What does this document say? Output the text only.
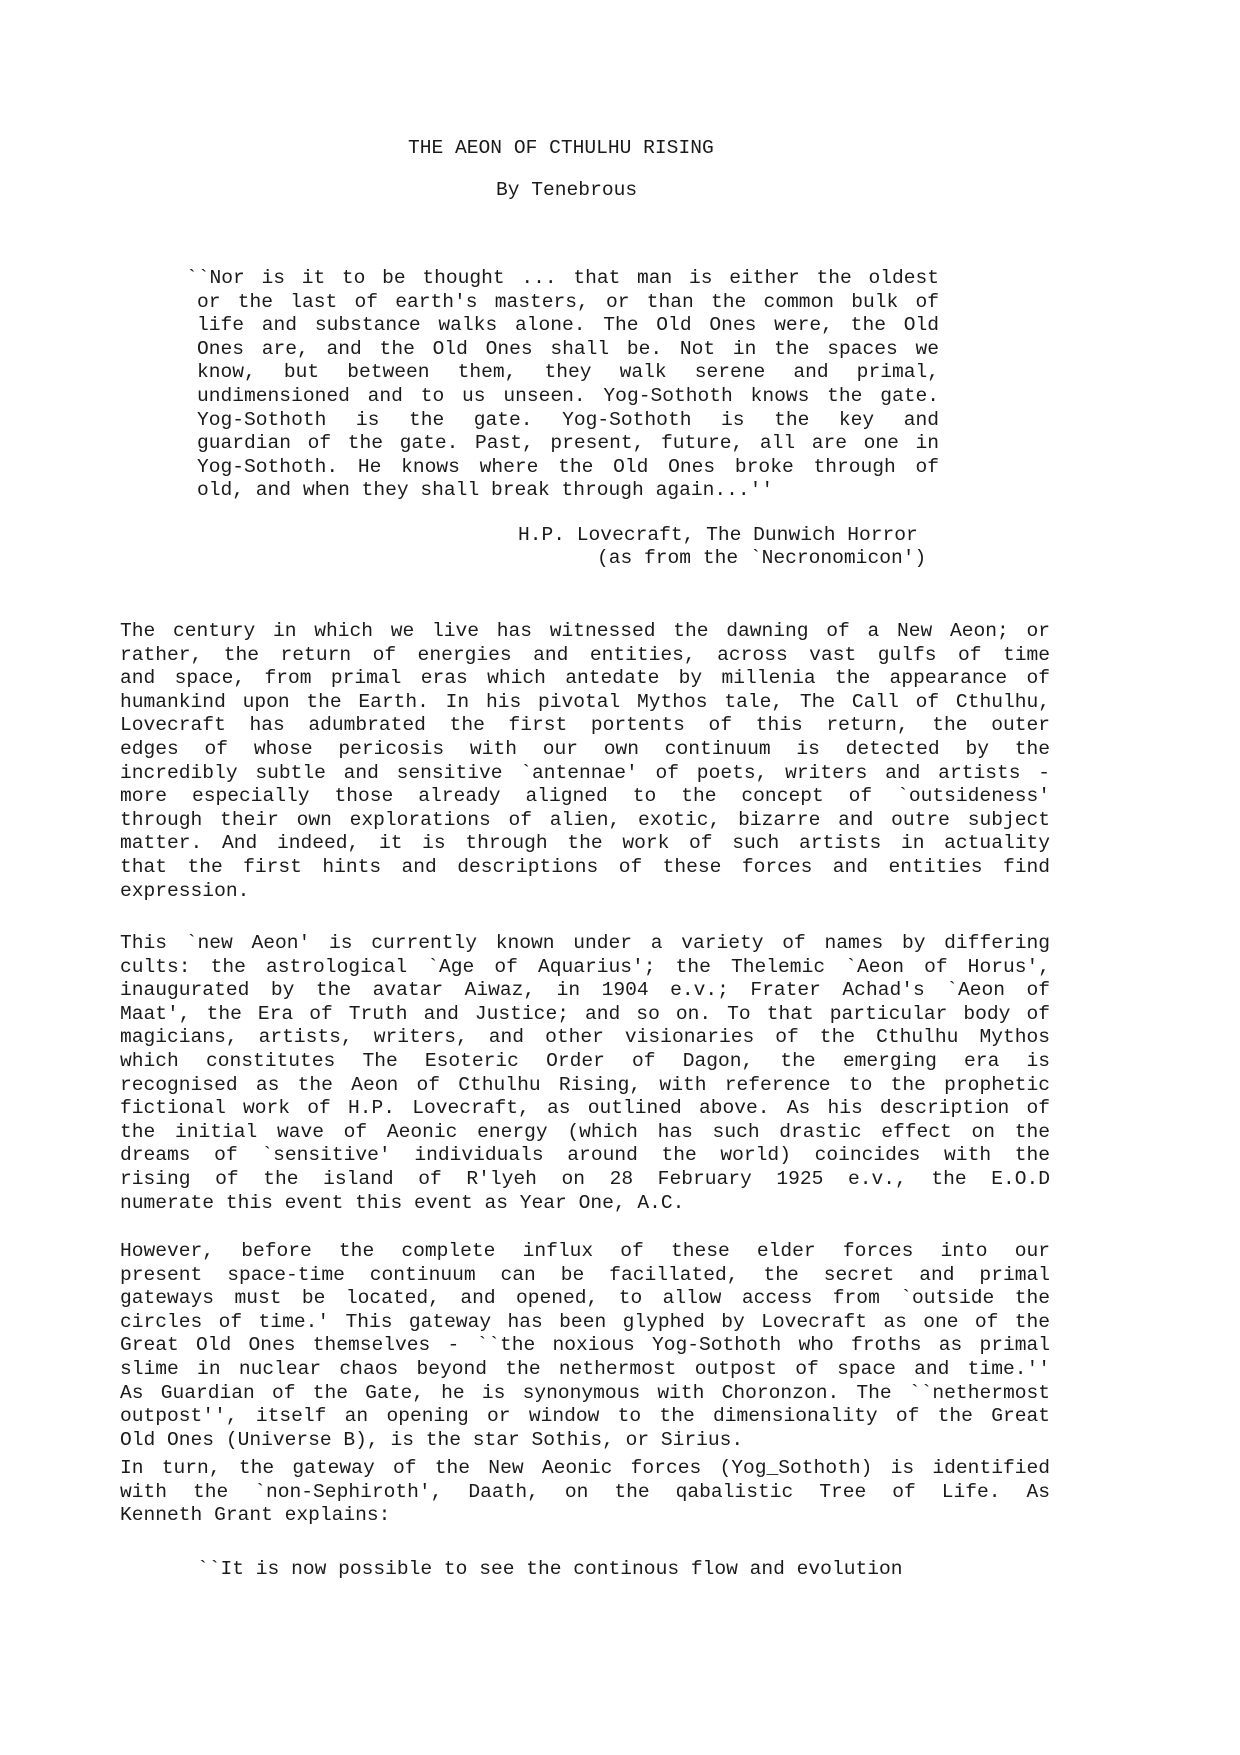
THE AEON OF CTHULHU RISING
By Tenebrous
``Nor is it to be thought ... that man is either the oldest
or the last of earth's masters, or than the common bulk of
life and substance walks alone. The Old Ones were, the Old
Ones are, and the Old Ones shall be. Not in the spaces we
know, but between them, they walk serene and primal,
undimensioned and to us unseen. Yog-Sothoth knows the gate.
Yog-Sothoth is the gate. Yog-Sothoth is the key and
guardian of the gate. Past, present, future, all are one in
Yog-Sothoth. He knows where the Old Ones broke through of
old, and when they shall break through again...''
H.P. Lovecraft, The Dunwich Horror
(as from the `Necronomicon')
The century in which we live has witnessed the dawning of a New Aeon; or
rather, the return of energies and entities, across vast gulfs of time
and space, from primal eras which antedate by millenia the appearance of
humankind upon the Earth. In his pivotal Mythos tale, The Call of Cthulhu,
Lovecraft has adumbrated the first portents of this return, the outer
edges of whose pericosis with our own continuum is detected by the
incredibly subtle and sensitive `antennae' of poets, writers and artists -
more especially those already aligned to the concept of `outsideness'
through their own explorations of alien, exotic, bizarre and outre subject
matter. And indeed, it is through the work of such artists in actuality
that the first hints and descriptions of these forces and entities find
expression.
This `new Aeon' is currently known under a variety of names by differing
cults: the astrological `Age of Aquarius'; the Thelemic `Aeon of Horus',
inaugurated by the avatar Aiwaz, in 1904 e.v.; Frater Achad's `Aeon of
Maat', the Era of Truth and Justice; and so on. To that particular body of
magicians, artists, writers, and other visionaries of the Cthulhu Mythos
which constitutes The Esoteric Order of Dagon, the emerging era is
recognised as the Aeon of Cthulhu Rising, with reference to the prophetic
fictional work of H.P. Lovecraft, as outlined above. As his description of
the initial wave of Aeonic energy (which has such drastic effect on the
dreams of `sensitive' individuals around the world) coincides with the
rising of the island of R'lyeh on 28 February 1925 e.v., the E.O.D
numerate this event this event as Year One, A.C.
However, before the complete influx of these elder forces into our
present space-time continuum can be facillated, the secret and primal
gateways must be located, and opened, to allow access from `outside the
circles of time.' This gateway has been glyphed by Lovecraft as one of the
Great Old Ones themselves - ``the noxious Yog-Sothoth who froths as primal
slime in nuclear chaos beyond the nethermost outpost of space and time.''
As Guardian of the Gate, he is synonymous with Choronzon. The ``nethermost
outpost'', itself an opening or window to the dimensionality of the Great
Old Ones (Universe B), is the star Sothis, or Sirius.
In turn, the gateway of the New Aeonic forces (Yog_Sothoth) is identified
with the `non-Sephiroth', Daath, on the qabalistic Tree of Life. As
Kenneth Grant explains:
``It is now possible to see the continous flow and evolution
